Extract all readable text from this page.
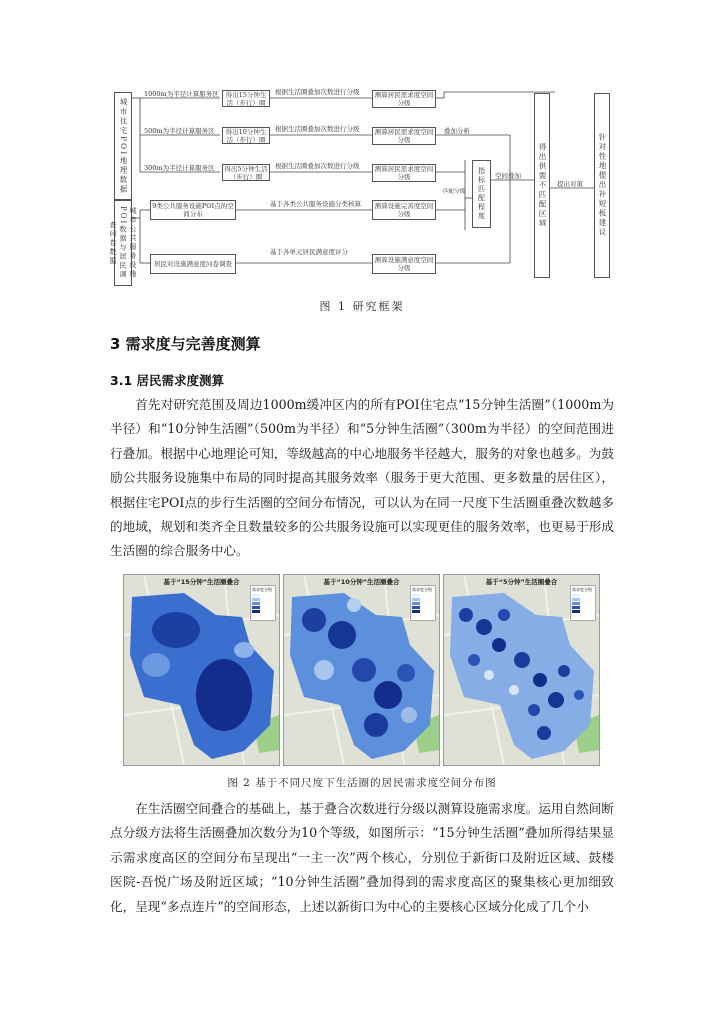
城市住宅POI地理数据
城市公共服务设施POI数据与居民调查问卷数据
1000m为半径计算服务区	得出15分钟生活（步行）圈
根据生活圈叠加次数进行分级	测算居民需求度空间分级
500m为半径计算服务区	得出10分钟生活（步行）圈
根据生活圈叠加次数进行分级	测算居民需求度空间分级
300m为半径计算服务区	得出5分钟生活（步行）圈
根据生活圈叠加次数进行分级	测算居民需求度空间分级
9类公共服务设施POI点的空间分布
基于各类公共服务设施分类核算	测算设施完善度空间分级
居民对设施满意度问卷调查
基于各单元居民满意度评分
测算设施满意度空间分级
叠加分析
指标匹配程度	空间叠加
匹配分级	得出供需不匹配区域	提出对策	针对性地提出补短板建议
图 1 研究框架
3 需求度与完善度测算
3.1 居民需求度测算

首先对研究范围及周边1000m缓冲区内的所有POI住宅点“15分钟生活圈”（1000m为半径）和“10分钟生活圈”（500m为半径）和“5分钟生活圈”（300m为半径）的空间范围进行叠加。根据中心地理论可知，等级越高的中心地服务半径越大，服务的对象也越多。为鼓励公共服务设施集中布局的同时提高其服务效率（服务于更大范围、更多数量的居住区），根据住宅POI点的步行生活圈的空间分布情况，可以认为在同一尺度下生活圈重叠次数越多的地域，规划和类齐全且数量较多的公共服务设施可以实现更佳的服务效率，也更易于形成生活圈的综合服务中心。

基于“15分钟”生活圈叠合
需求度分级
基于“10分钟”生活圈叠合
需求度分级
基于“5分钟”生活圈叠合
需求度分级
图 2 基于不同尺度下生活圈的居民需求度空间分布图

在生活圈空间叠合的基础上，基于叠合次数进行分级以测算设施需求度。运用自然间断点分级方法将生活圈叠加次数分为10个等级，如图所示：“15分钟生活圈”叠加所得结果显示需求度高区的空间分布呈现出“一主一次”两个核心，分别位于新街口及附近区域、鼓楼医院-吾悦广场及附近区域；“10分钟生活圈”叠加得到的需求度高区的聚集核心更加细致化，呈现“多点连片”的空间形态，上述以新街口为中心的主要核心区域分化成了几个小
